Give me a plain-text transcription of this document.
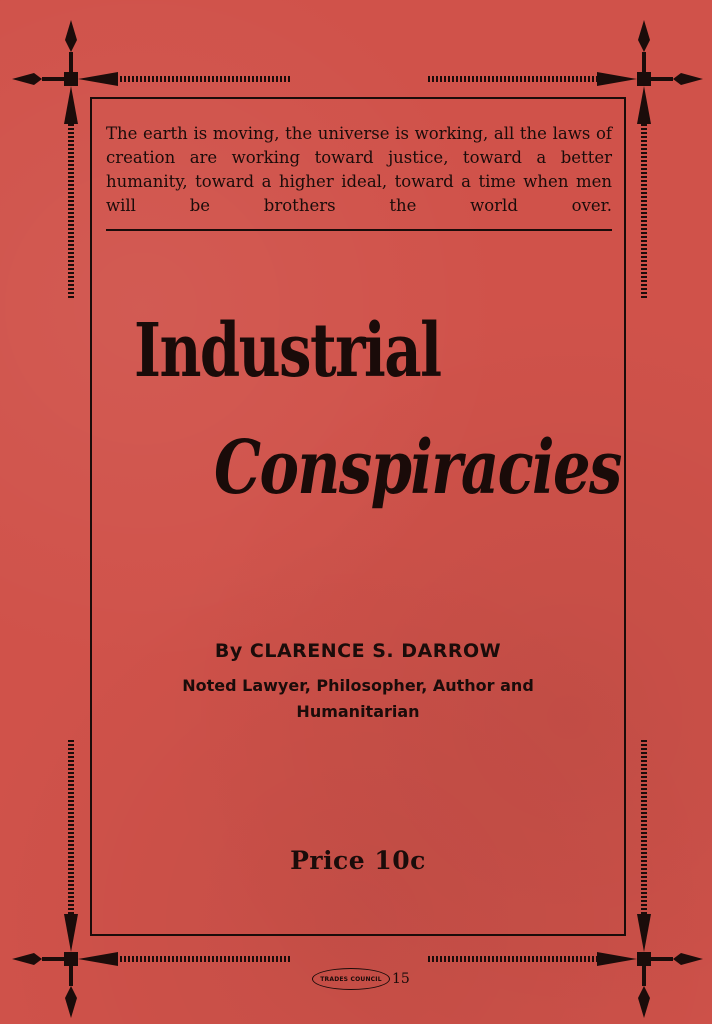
The earth is moving, the universe is working, all the laws of creation are working toward justice, toward a better humanity, toward a higher ideal, toward a time when men will be brothers the world over.

Industrial
Conspiracies

By CLARENCE S. DARROW

Noted Lawyer, Philosopher, Author and Humanitarian

Price 10c

TRADES COUNCIL 15
